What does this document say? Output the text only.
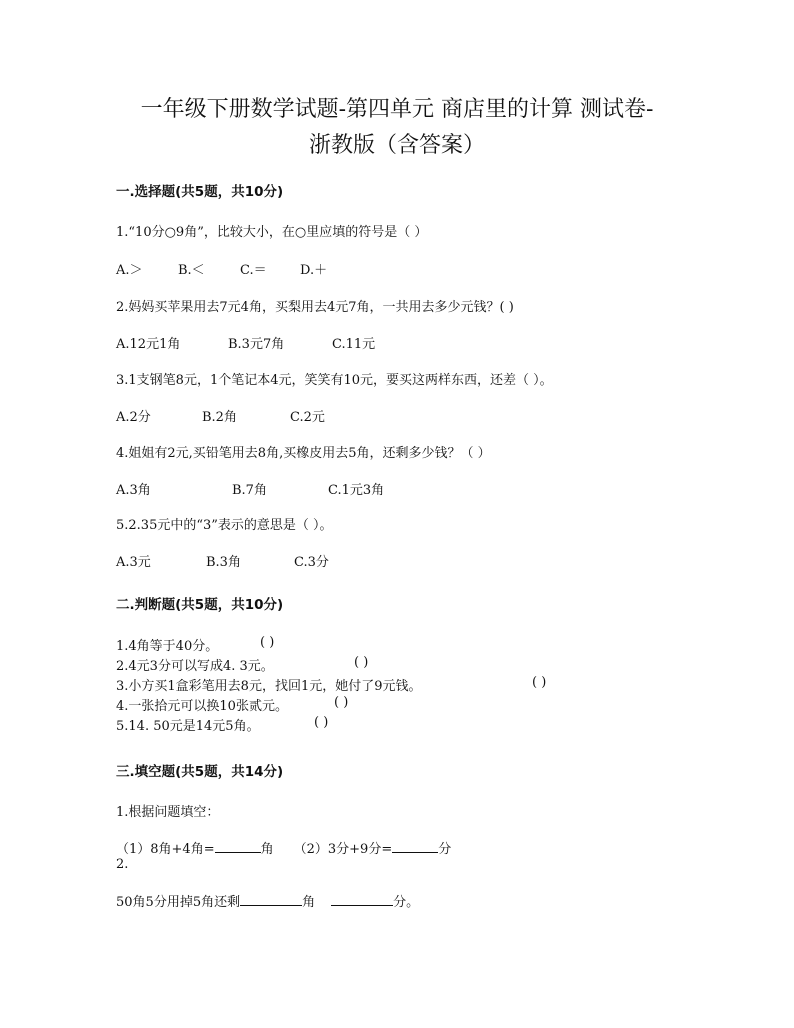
一年级下册数学试题-第四单元 商店里的计算 测试卷-
浙教版（含答案）
一.选择题(共5题，共10分)
1.“10分○9角”，比较大小，在○里应填的符号是（ ）
A.＞	B.＜	C.＝	D.＋
2.妈妈买苹果用去7元4角，买梨用去4元7角，一共用去多少元钱？( )
A.12元1角	B.3元7角	C.11元
3.1支钢笔8元，1个笔记本4元，笑笑有10元，要买这两样东西，还差（ ）。
A.2分	B.2角	C.2元
4.姐姐有2元,买铅笔用去8角,买橡皮用去5角，还剩多少钱？（ ）
A.3角	B.7角	C.1元3角
5.2.35元中的“3”表示的意思是（ ）。
A.3元	B.3角	C.3分
二.判断题(共5题，共10分)
1.4角等于40分。	( )
2.4元3分可以写成4. 3元。	( )
3.小方买1盒彩笔用去8元，找回1元，她付了9元钱。	( )
4.一张拾元可以换10张贰元。	( )
5.14. 50元是14元5角。	( )
三.填空题(共5题，共14分)
1.根据问题填空：
（1）8角+4角=	角 （2）3分+9分=	分
2.
50角5分用掉5角还剩	角	分。
